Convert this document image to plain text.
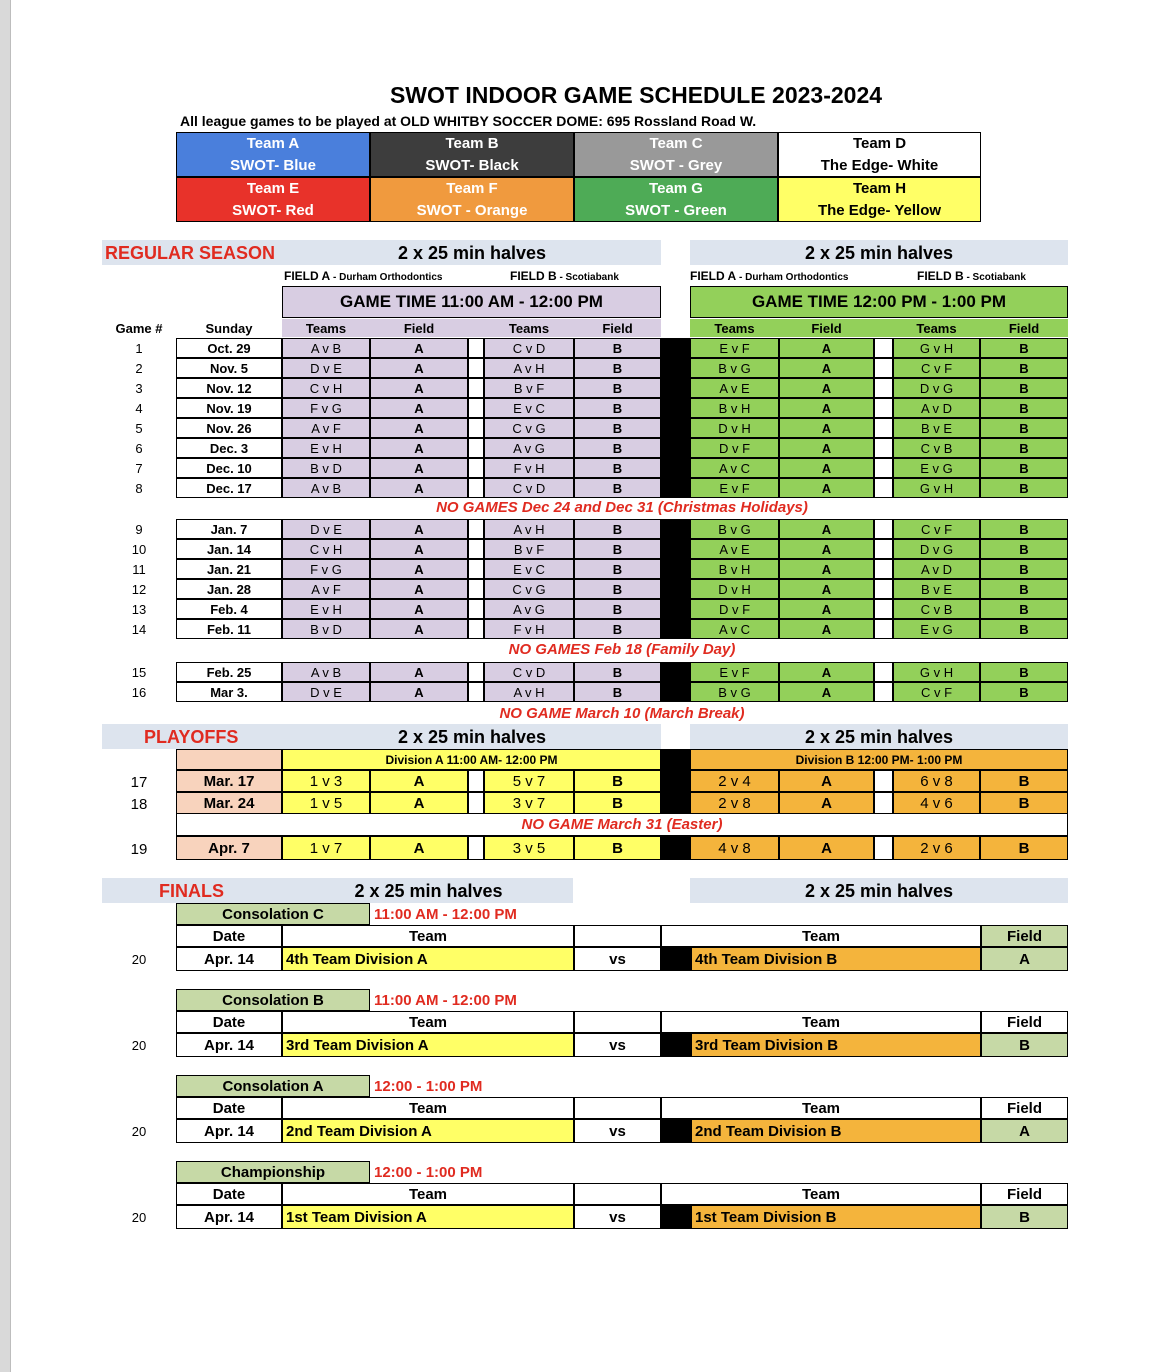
SWOT INDOOR GAME SCHEDULE 2023-2024
All league games to be played at OLD WHITBY SOCCER DOME: 695 Rossland Road W.
Team A
SWOT- Blue
Team B
SWOT- Black
Team C
SWOT - Grey
Team D
The Edge- White
Team E
SWOT- Red
Team F
SWOT - Orange
Team G
SWOT - Green
Team H
The Edge- Yellow
REGULAR SEASON	2 x 25 min halves	2 x 25 min halves
FIELD A - Durham Orthodontics	FIELD B - Scotiabank	FIELD A - Durham Orthodontics	FIELD B - Scotiabank
GAME TIME 11:00 AM - 12:00 PM	GAME TIME 12:00 PM - 1:00 PM
Game #	Sunday	Teams	Field	Teams	Field	Teams	Field	Teams	Field
1	Oct. 29	A v B	A	C v D	B	E v F	A	G v H	B
2	Nov. 5	D v E	A	A v H	B	B v G	A	C v F	B
3	Nov. 12	C v H	A	B v F	B	A v E	A	D v G	B
4	Nov. 19	F v G	A	E v C	B	B v H	A	A v D	B
5	Nov. 26	A v F	A	C v G	B	D v H	A	B v E	B
6	Dec. 3	E v H	A	A v G	B	D v F	A	C v B	B
7	Dec. 10	B v D	A	F v H	B	A v C	A	E v G	B
8	Dec. 17	A v B	A	C v D	B	E v F	A	G v H	B
9	Jan. 7	D v E	A	A v H	B	B v G	A	C v F	B
10	Jan. 14	C v H	A	B v F	B	A v E	A	D v G	B
11	Jan. 21	F v G	A	E v C	B	B v H	A	A v D	B
12	Jan. 28	A v F	A	C v G	B	D v H	A	B v E	B
13	Feb. 4	E v H	A	A v G	B	D v F	A	C v B	B
14	Feb. 11	B v D	A	F v H	B	A v C	A	E v G	B
15	Feb. 25	A v B	A	C v D	B	E v F	A	G v H	B
16	Mar 3.	D v E	A	A v H	B	B v G	A	C v F	B
NO GAMES Dec 24 and Dec 31 (Christmas Holidays)
NO GAMES Feb 18 (Family Day)
NO GAME March 10 (March Break)
PLAYOFFS	2 x 25 min halves	2 x 25 min halves
Division A 11:00 AM- 12:00 PM	Division B 12:00 PM- 1:00 PM
17	Mar. 17	1 v 3	A	5 v 7	B	2 v 4	A	6 v 8	B
18	Mar. 24	1 v 5	A	3 v 7	B	2 v 8	A	4 v 6	B
NO GAME March 31 (Easter)
19	Apr. 7	1 v 7	A	3 v 5	B	4 v 8	A	2 v 6	B
FINALS	2 x 25 min halves	2 x 25 min halves
Consolation C	11:00 AM - 12:00 PM
Date	Team	Team	Field
20	Apr. 14	4th Team Division A	vs	4th Team Division B	A
Consolation B	11:00 AM - 12:00 PM
Date	Team	Team	Field
20	Apr. 14	3rd Team Division A	vs	3rd Team Division B	B
Consolation A	12:00 - 1:00 PM
Date	Team	Team	Field
20	Apr. 14	2nd Team Division A	vs	2nd Team Division B	A
Championship	12:00 - 1:00 PM
Date	Team	Team	Field
20	Apr. 14	1st Team Division A	vs	1st Team Division B	B
